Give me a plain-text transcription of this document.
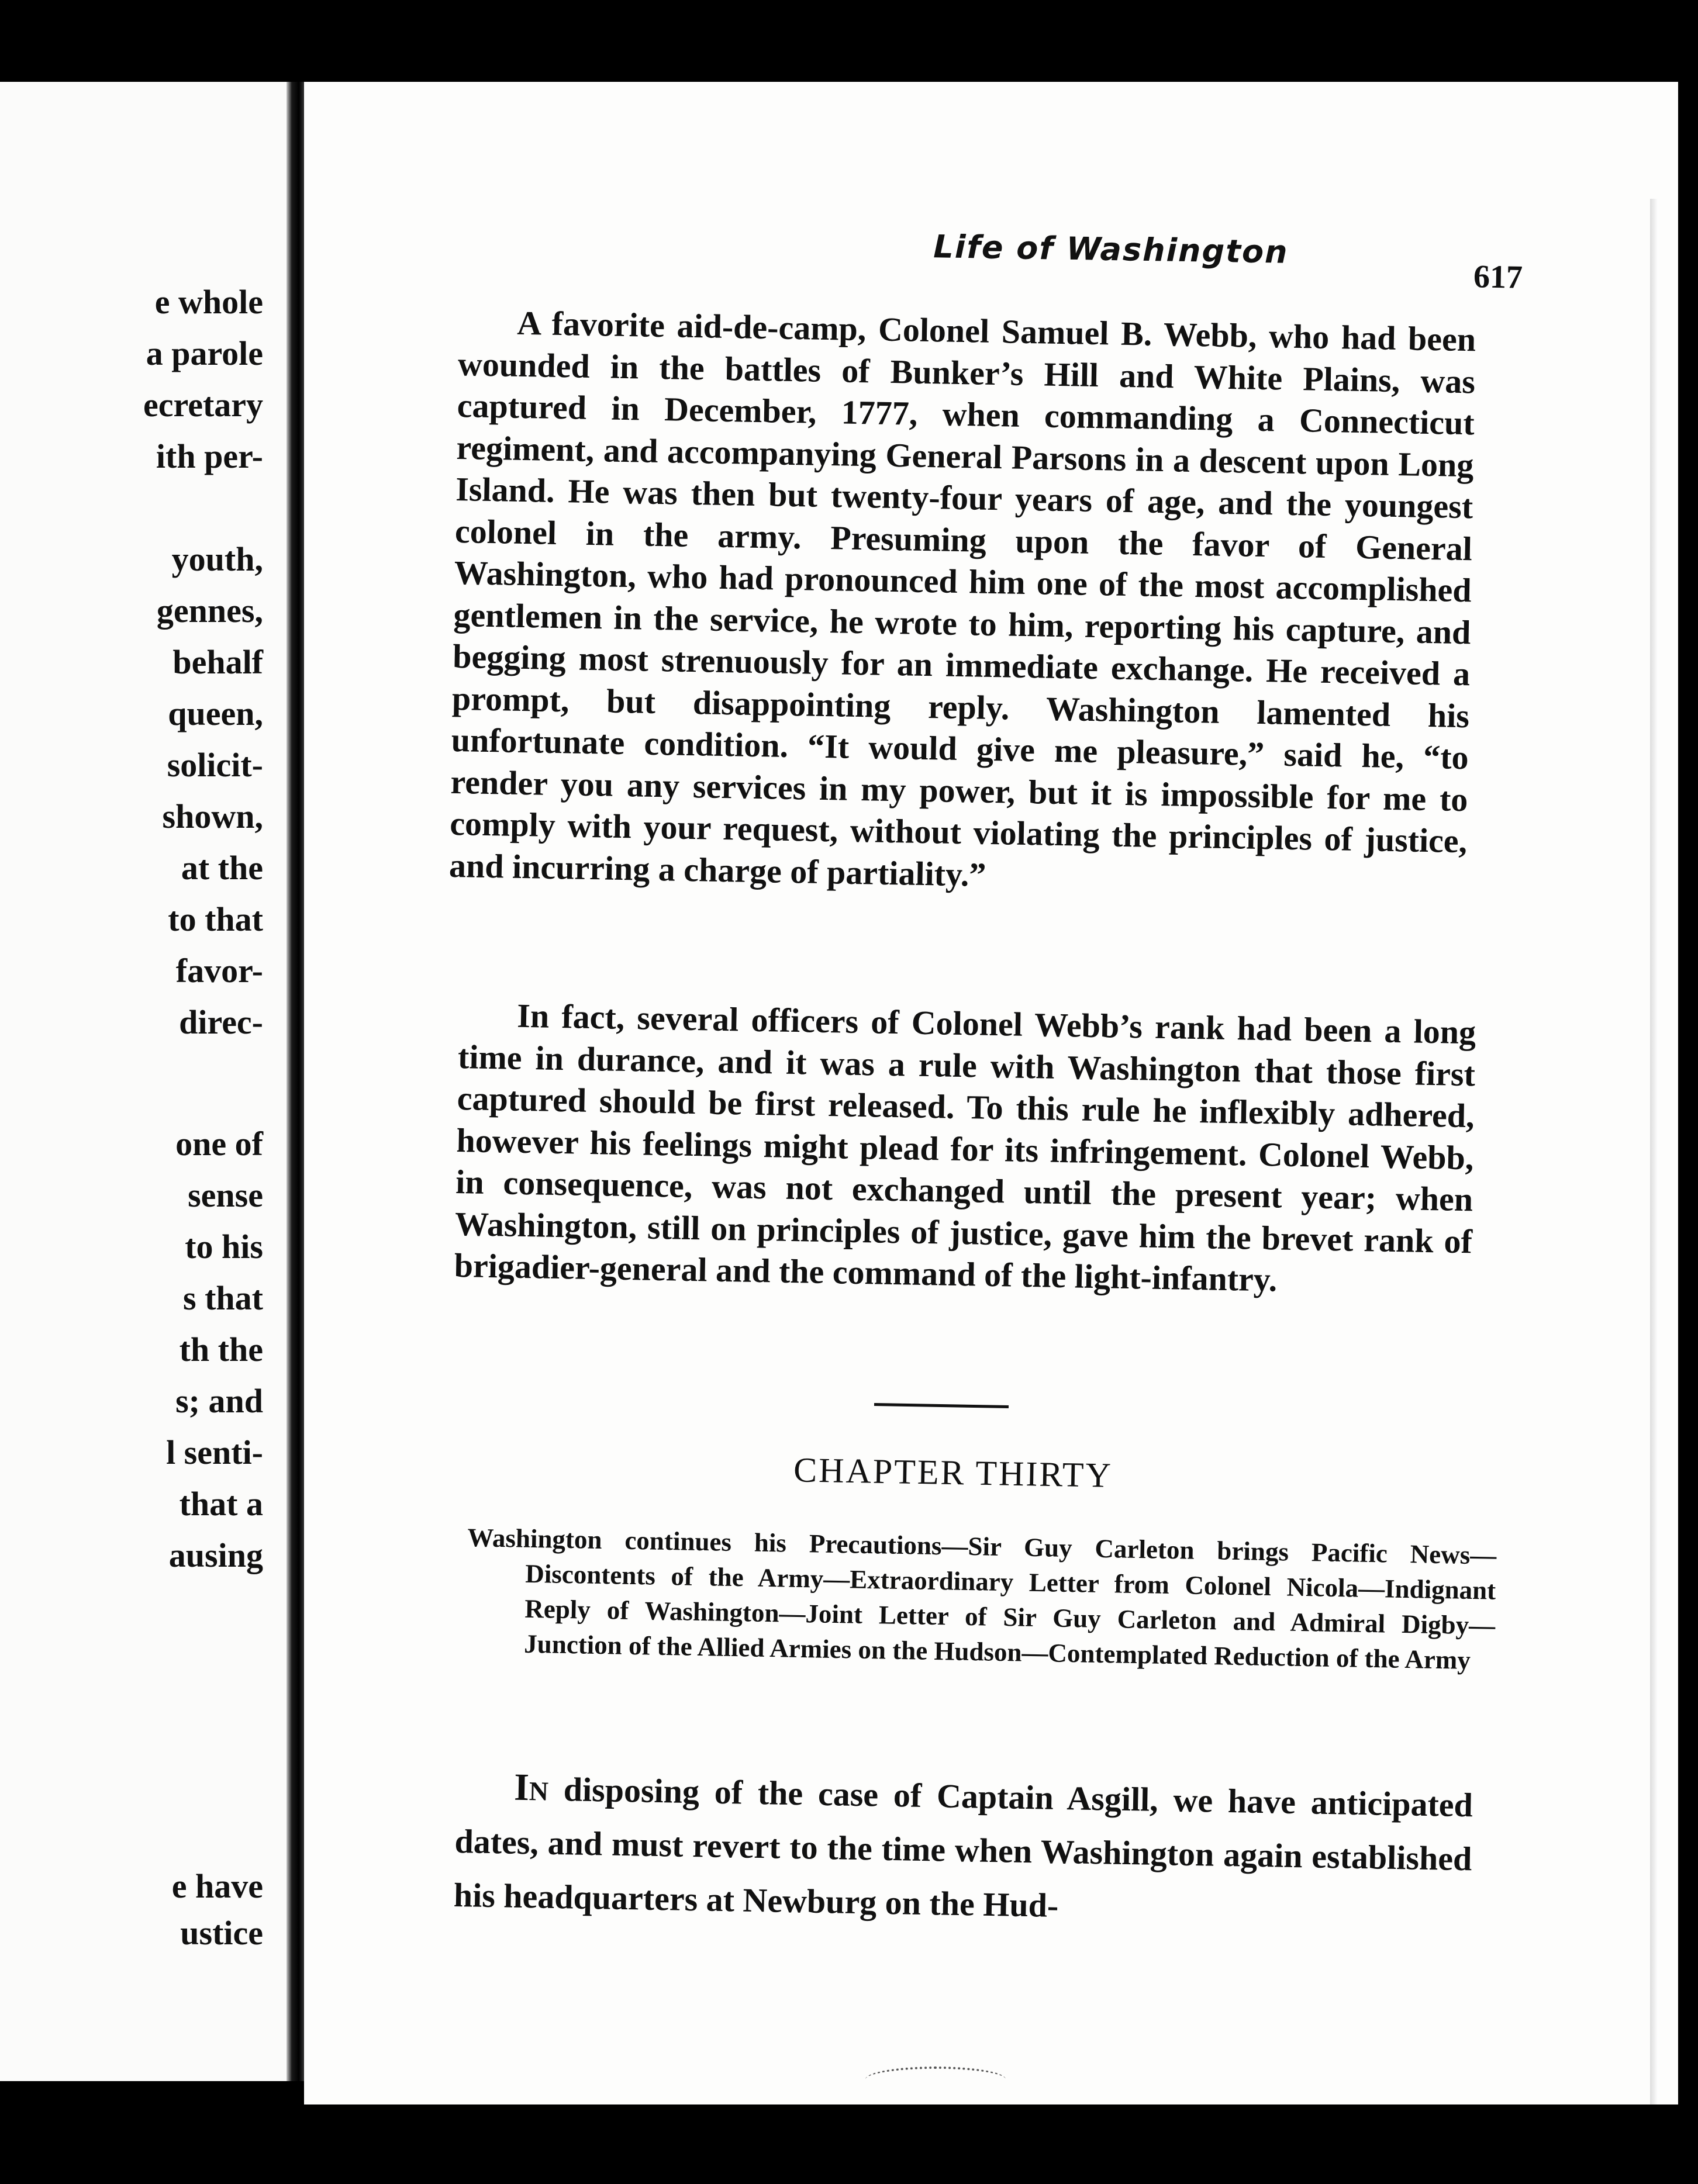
e whole
a parole
ecretary
ith per-
youth,
gennes,
behalf
queen,
solicit-
shown,
at the
to that
favor-
direc-
one of
sense
to his
s that
th the
s; and
l senti-
that a
ausing
e have
ustice
Life of Washington
617

A favorite aid-de-camp, Colonel Samuel B. Webb, who had been wounded in the battles of Bunker’s Hill and White Plains, was captured in December, 1777, when commanding a Connecticut regiment, and accompanying General Parsons in a descent upon Long Island. He was then but twenty-four years of age, and the youngest colonel in the army. Presuming upon the favor of General Washington, who had pronounced him one of the most accomplished gentlemen in the service, he wrote to him, reporting his capture, and begging most strenuously for an immediate exchange. He received a prompt, but disappointing reply. Washington lamented his unfortunate condition. “It would give me pleasure,” said he, “to render you any services in my power, but it is impossible for me to comply with your request, without violating the principles of justice, and incurring a charge of partiality.”

In fact, several officers of Colonel Webb’s rank had been a long time in durance, and it was a rule with Washington that those first captured should be first released. To this rule he inflexibly adhered, however his feelings might plead for its infringement. Colonel Webb, in consequence, was not exchanged until the present year; when Washington, still on principles of justice, gave him the brevet rank of brigadier-general and the command of the light-infantry.

CHAPTER THIRTY
Washington continues his Precautions—Sir Guy Carleton brings Pacific News—Discontents of the Army—Extraordinary Letter from Colonel Nicola—Indignant Reply of Washington—Joint Letter of Sir Guy Carleton and Admiral Digby—Junction of the Allied Armies on the Hudson—Contemplated Reduction of the Army
In disposing of the case of Captain Asgill, we have anticipated dates, and must revert to the time when Washington again established his headquarters at Newburg on the Hud-
